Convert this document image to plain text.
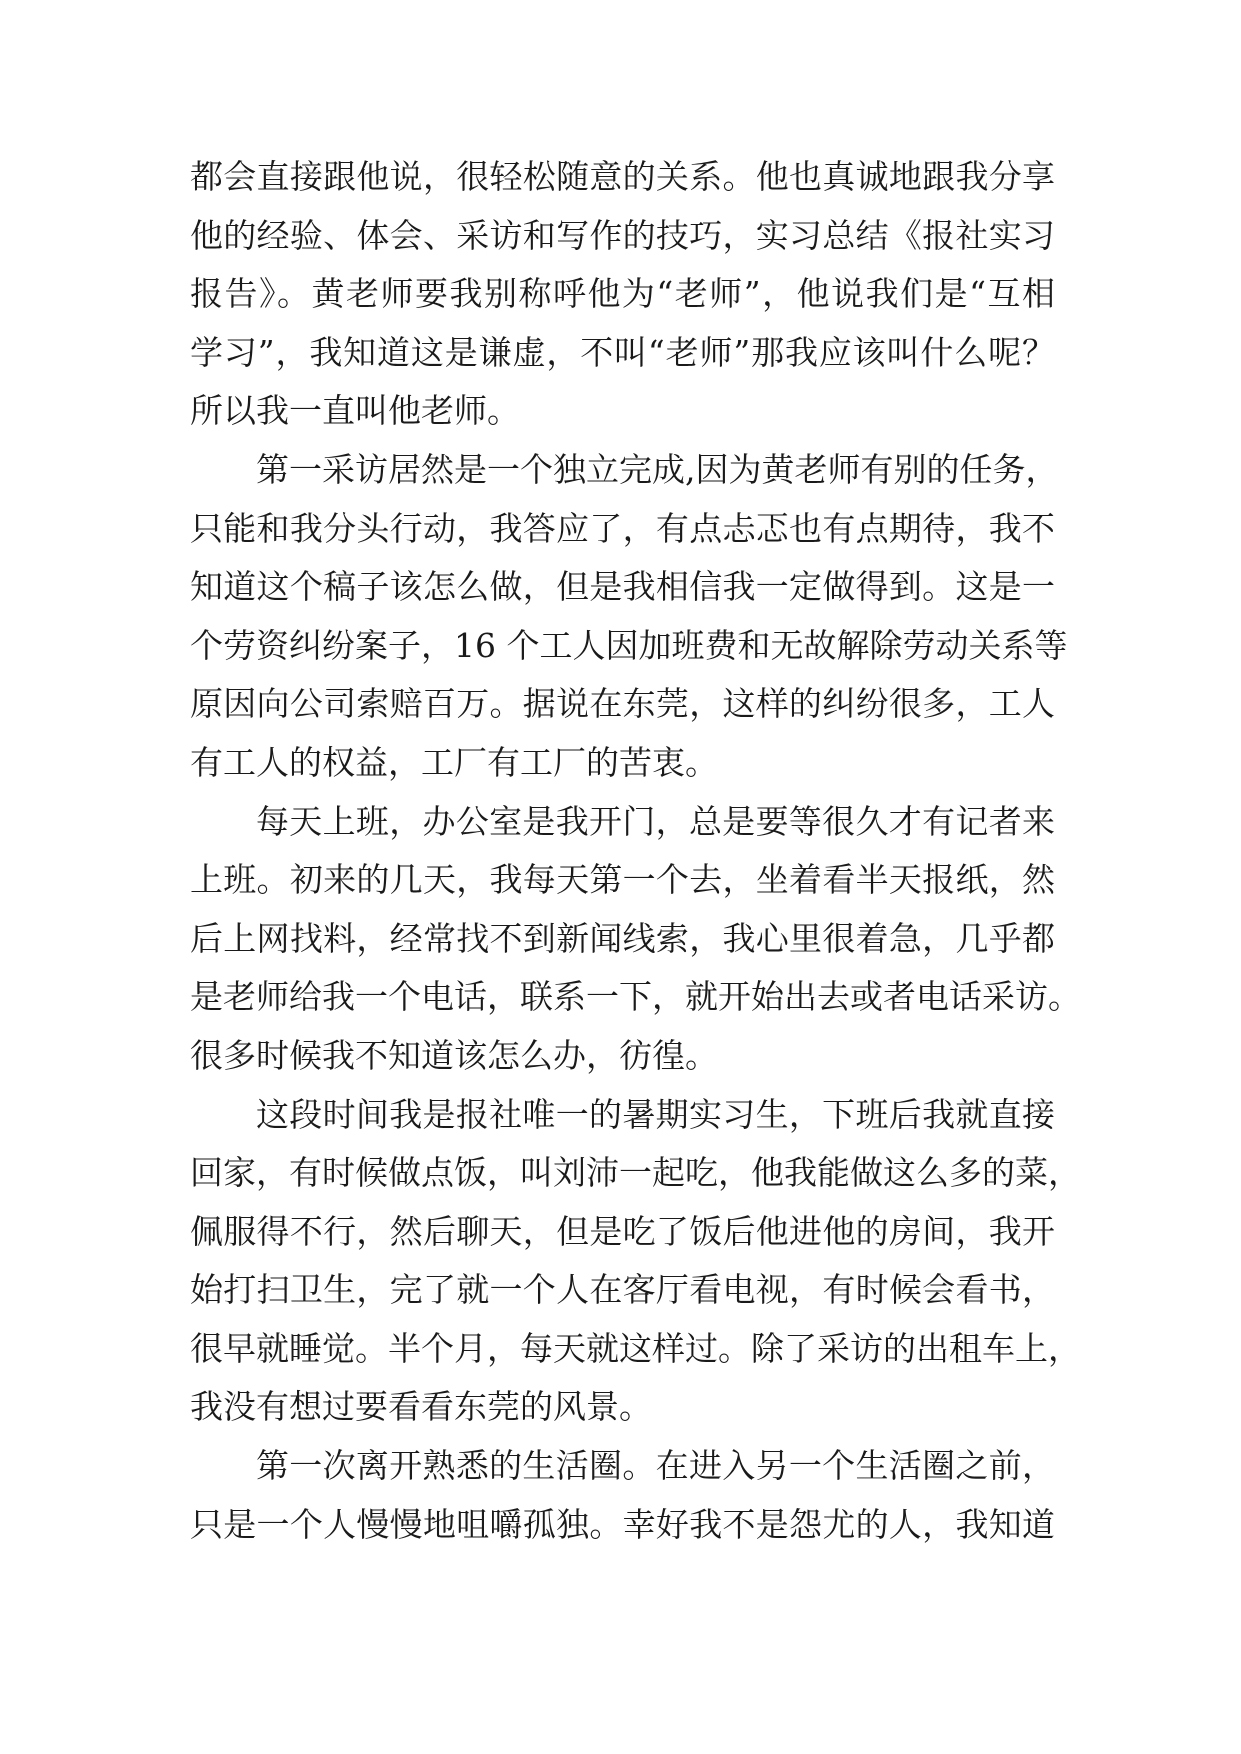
都会直接跟他说，很轻松随意的关系。他也真诚地跟我分享
他的经验、体会、采访和写作的技巧，实习总结《报社实习
报告》。黄老师要我别称呼他为“老师”，他说我们是“互相
学习”，我知道这是谦虚，不叫“老师”那我应该叫什么呢？
所以我一直叫他老师。
第一采访居然是一个独立完成,因为黄老师有别的任务，
只能和我分头行动，我答应了，有点忐忑也有点期待，我不
知道这个稿子该怎么做，但是我相信我一定做得到。这是一
个劳资纠纷案子，16 个工人因加班费和无故解除劳动关系等
原因向公司索赔百万。据说在东莞，这样的纠纷很多，工人
有工人的权益，工厂有工厂的苦衷。
每天上班，办公室是我开门，总是要等很久才有记者来
上班。初来的几天，我每天第一个去，坐着看半天报纸，然
后上网找料，经常找不到新闻线索，我心里很着急，几乎都
是老师给我一个电话，联系一下，就开始出去或者电话采访。
很多时候我不知道该怎么办，彷徨。
这段时间我是报社唯一的暑期实习生，下班后我就直接
回家，有时候做点饭，叫刘沛一起吃，他我能做这么多的菜，
佩服得不行，然后聊天，但是吃了饭后他进他的房间，我开
始打扫卫生，完了就一个人在客厅看电视，有时候会看书，
很早就睡觉。半个月，每天就这样过。除了采访的出租车上，
我没有想过要看看东莞的风景。
第一次离开熟悉的生活圈。在进入另一个生活圈之前，
只是一个人慢慢地咀嚼孤独。幸好我不是怨尤的人，我知道
